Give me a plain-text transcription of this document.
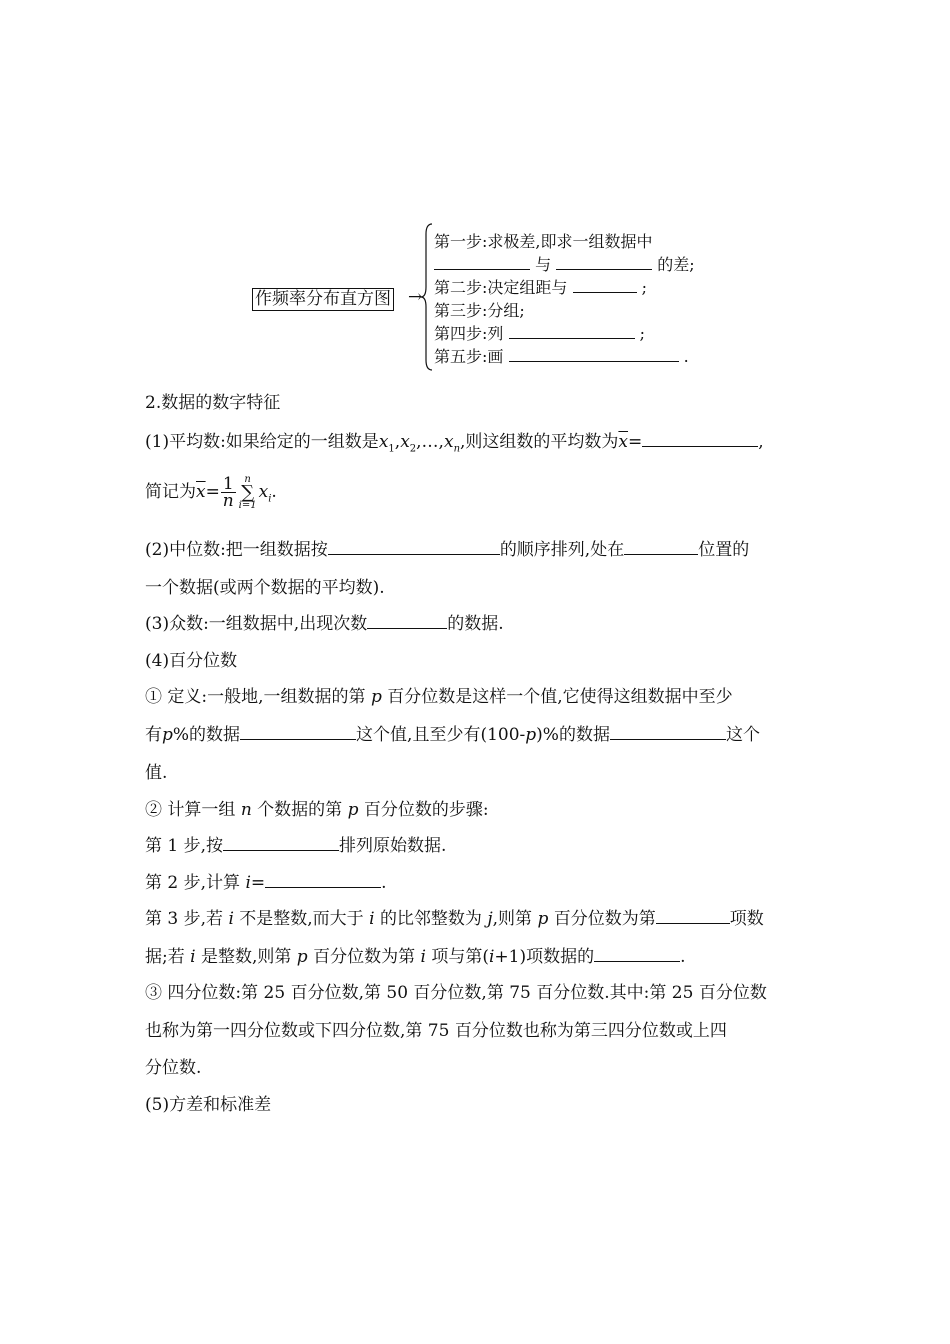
作频率分布直方图 →
第一步:求极差,即求一组数据中
与	的差;
第二步:决定组距与	;
第三步:分组;
第四步:列	;
第五步:画	.
2.数据的数字特征
(1)平均数:如果给定的一组数是$x_1,x_2,\dots,x_n$,则这组数的平均数为$\overline{x}=$	,
简记为$\overline{x}= \frac{1}{n}$ n
∑
i=1
$x_i$.
(2)中位数:把一组数据按	的顺序排列,处在	位置的
一个数据(或两个数据的平均数).
(3)众数:一组数据中,出现次数	的数据.
(4)百分位数
① 定义:一般地,一组数据的第 p 百分位数是这样一个值,它使得这组数据中至少
有p%的数据	这个值,且至少有(100-p)%的数据	这个
值.
② 计算一组 n 个数据的第 p 百分位数的步骤:
第 1 步,按	排列原始数据.
第 2 步,计算 i=	.
第 3 步,若 i 不是整数,而大于 i 的比邻整数为 j,则第 p 百分位数为第	项数
据;若 i 是整数,则第 p 百分位数为第 i 项与第(i+1)项数据的	.
③ 四分位数:第 25 百分位数,第 50 百分位数,第 75 百分位数.其中:第 25 百分位数
也称为第一四分位数或下四分位数,第 75 百分位数也称为第三四分位数或上四
分位数.
(5)方差和标准差
